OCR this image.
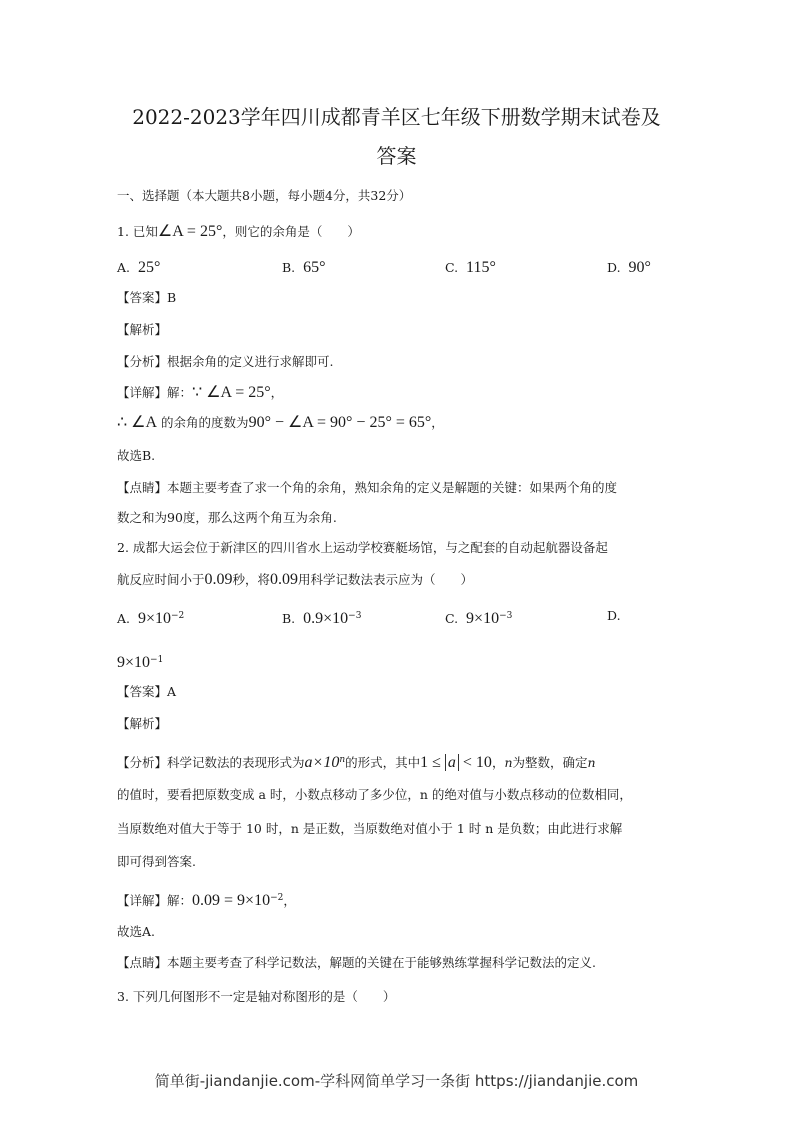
2022-2023学年四川成都青羊区七年级下册数学期末试卷及
答案
一、选择题（本大题共8小题，每小题4分，共32分）
1. 已知∠A = 25°，则它的余角是（　　）
A. 25°	B. 65°	C. 115°	D. 90°
【答案】B
【解析】
【分析】根据余角的定义进行求解即可.
【详解】解：∵ ∠A = 25°，
∴ ∠A 的余角的度数为90° − ∠A = 90° − 25° = 65°，
故选B.
【点睛】本题主要考查了求一个角的余角，熟知余角的定义是解题的关键：如果两个角的度
数之和为90度，那么这两个角互为余角.
2. 成都大运会位于新津区的四川省水上运动学校赛艇场馆，与之配套的自动起航器设备起
航反应时间小于0.09秒，将0.09用科学记数法表示应为（　　）
A. $9\times 10^{-2}$	B. $0.9\times 10^{-3}$	C. $9\times 10^{-3}$	D.
$9\times 10^{-1}$
【答案】A
【解析】
【分析】科学记数法的表现形式为$a\times 10^n$的形式，其中1 ≤ a < 10，n为整数，确定n
的值时，要看把原数变成 a 时，小数点移动了多少位，n 的绝对值与小数点移动的位数相同，
当原数绝对值大于等于 10 时，n 是正数，当原数绝对值小于 1 时 n 是负数；由此进行求解
即可得到答案.
【详解】解：$0.09 = 9\times 10^{-2}$，
故选A.
【点睛】本题主要考查了科学记数法，解题的关键在于能够熟练掌握科学记数法的定义.
3. 下列几何图形不一定是轴对称图形的是（　　）
简单街-jiandanjie.com-学科网简单学习一条街 https://jiandanjie.com
